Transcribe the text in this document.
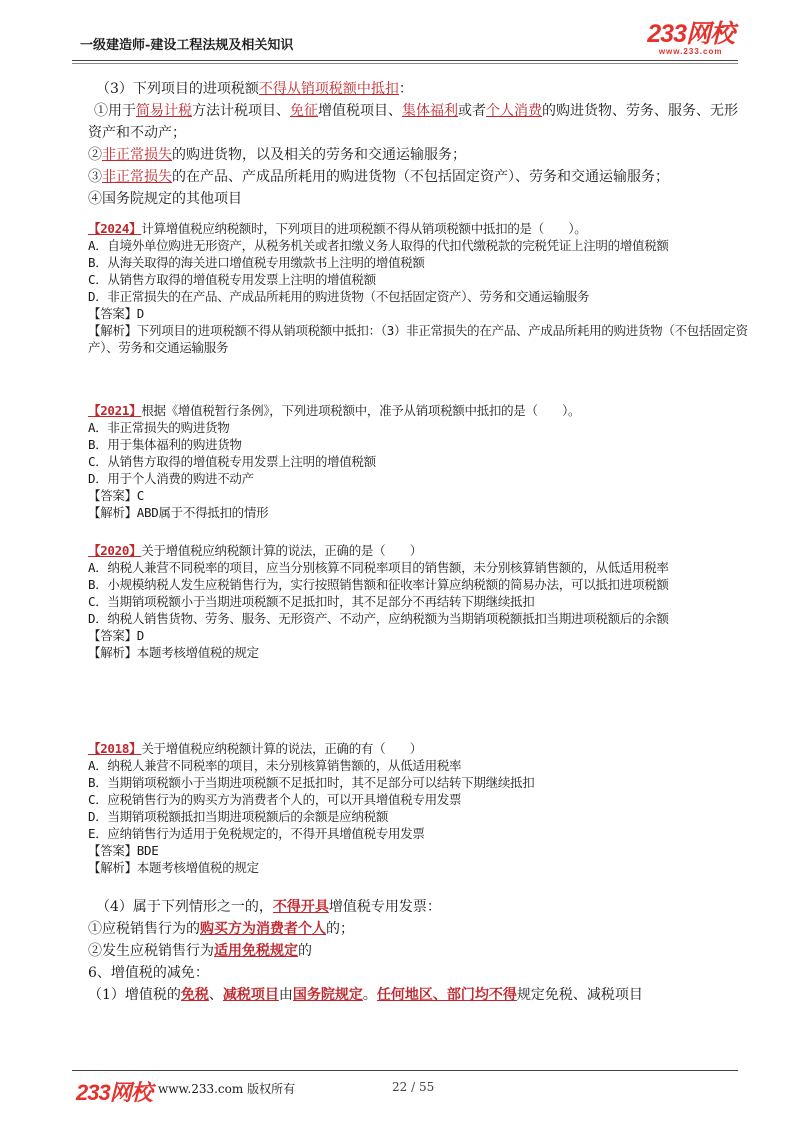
一级建造师-建设工程法规及相关知识	233网校
www.233.com

（3）下列项目的进项税额不得从销项税额中抵扣：

①用于简易计税方法计税项目、免征增值税项目、集体福利或者个人消费的购进货物、劳务、服务、无形资产和不动产；

②非正常损失的购进货物，以及相关的劳务和交通运输服务；

③非正常损失的在产品、产成品所耗用的购进货物（不包括固定资产）、劳务和交通运输服务；

④国务院规定的其他项目

【2024】计算增值税应纳税额时，下列项目的进项税额不得从销项税额中抵扣的是（　　）。

A．自境外单位购进无形资产，从税务机关或者扣缴义务人取得的代扣代缴税款的完税凭证上注明的增值税额

B．从海关取得的海关进口增值税专用缴款书上注明的增值税额

C．从销售方取得的增值税专用发票上注明的增值税额

D．非正常损失的在产品、产成品所耗用的购进货物（不包括固定资产）、劳务和交通运输服务

【答案】D

【解析】下列项目的进项税额不得从销项税额中抵扣：（3）非正常损失的在产品、产成品所耗用的购进货物（不包括固定资产）、劳务和交通运输服务

【2021】根据《增值税暂行条例》，下列进项税额中，准予从销项税额中抵扣的是（　　）。

A．非正常损失的购进货物

B．用于集体福利的购进货物

C．从销售方取得的增值税专用发票上注明的增值税额

D．用于个人消费的购进不动产

【答案】C

【解析】ABD属于不得抵扣的情形

【2020】关于增值税应纳税额计算的说法，正确的是（　　）

A．纳税人兼营不同税率的项目，应当分别核算不同税率项目的销售额，未分别核算销售额的，从低适用税率

B．小规模纳税人发生应税销售行为，实行按照销售额和征收率计算应纳税额的简易办法，可以抵扣进项税额

C．当期销项税额小于当期进项税额不足抵扣时，其不足部分不再结转下期继续抵扣

D．纳税人销售货物、劳务、服务、无形资产、不动产，应纳税额为当期销项税额抵扣当期进项税额后的余额

【答案】D

【解析】本题考核增值税的规定

【2018】关于增值税应纳税额计算的说法，正确的有（　　）

A．纳税人兼营不同税率的项目，未分别核算销售额的，从低适用税率

B．当期销项税额小于当期进项税额不足抵扣时，其不足部分可以结转下期继续抵扣

C．应税销售行为的购买方为消费者个人的，可以开具增值税专用发票

D．当期销项税额抵扣当期进项税额后的余额是应纳税额

E．应纳销售行为适用于免税规定的，不得开具增值税专用发票

【答案】BDE

【解析】本题考核增值税的规定

（4）属于下列情形之一的，不得开具增值税专用发票：

①应税销售行为的购买方为消费者个人的；

②发生应税销售行为适用免税规定的

6、增值税的减免：

（1）增值税的免税、减税项目由国务院规定。任何地区、部门均不得规定免税、减税项目

233网校 www.233.com 版权所有	22 / 55
